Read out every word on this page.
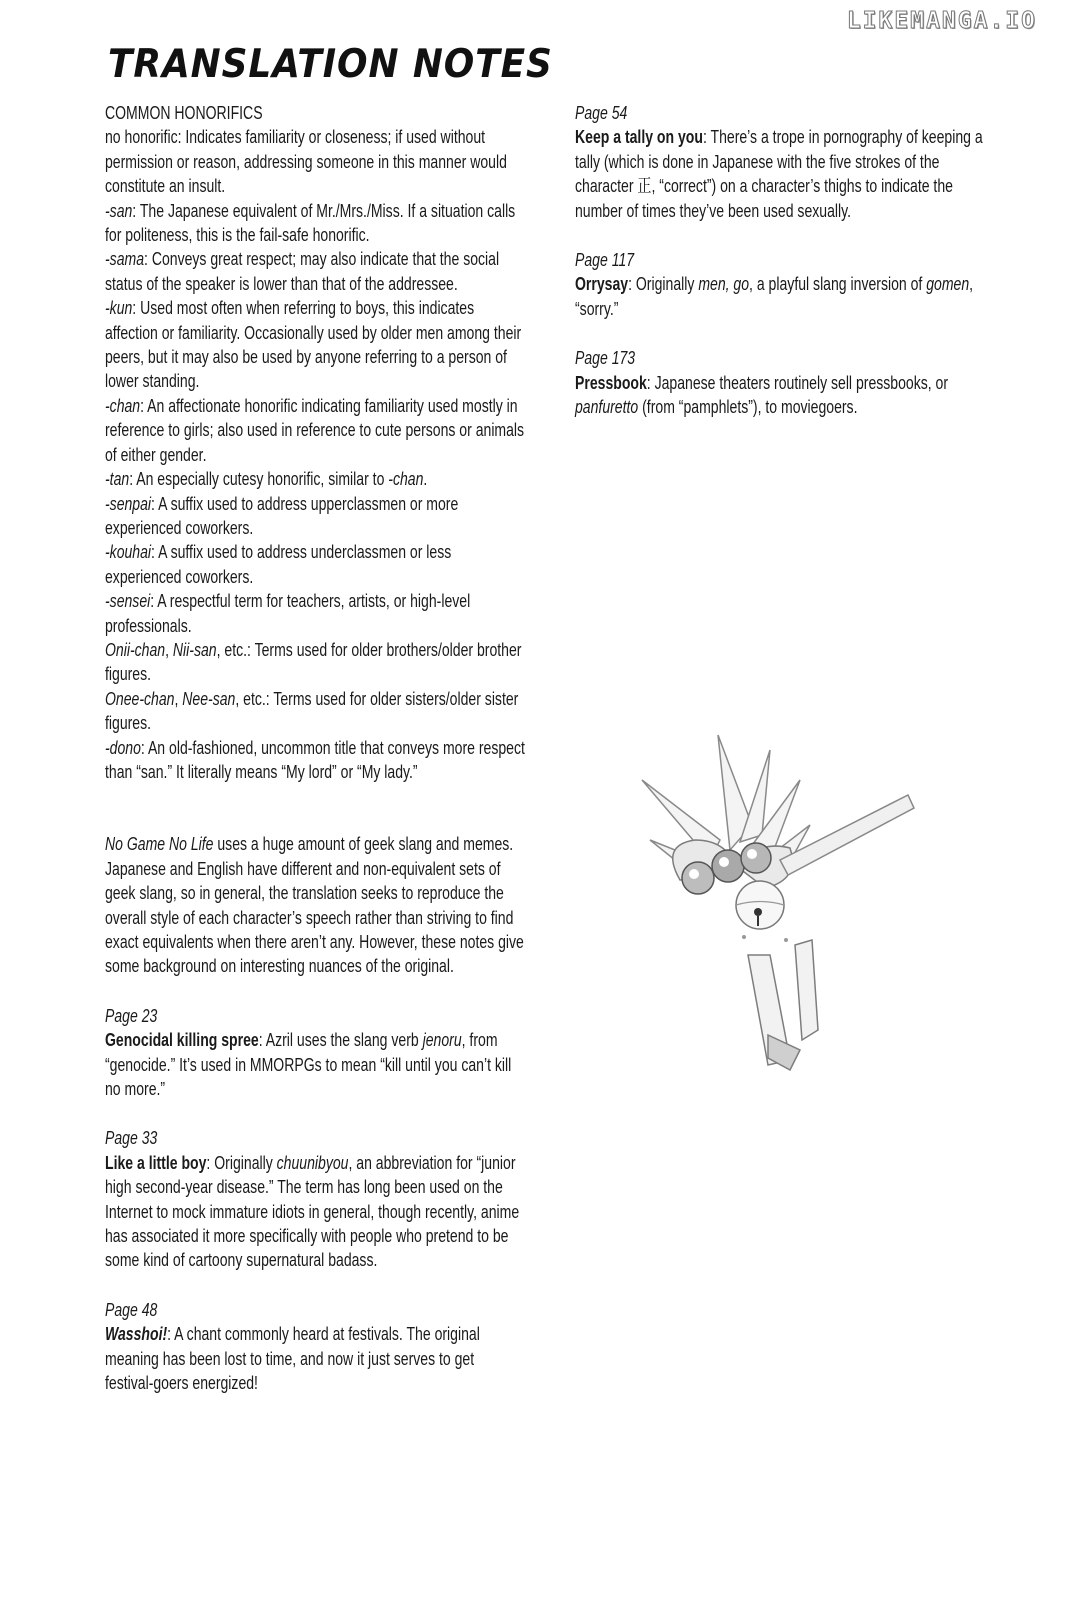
LIKEMANGA.IO
TRANSLATION NOTES

COMMON HONORIFICS

no honorific: Indicates familiarity or closeness; if used without permission or reason, addressing someone in this manner would constitute an insult.

-san: The Japanese equivalent of Mr./Mrs./Miss. If a situation calls for politeness, this is the fail-safe honorific.

-sama: Conveys great respect; may also indicate that the social status of the speaker is lower than that of the addressee.

-kun: Used most often when referring to boys, this indicates affection or familiarity. Occasionally used by older men among their peers, but it may also be used by anyone referring to a person of lower standing.

-chan: An affectionate honorific indicating familiarity used mostly in reference to girls; also used in reference to cute persons or animals of either gender.

-tan: An especially cutesy honorific, similar to -chan.

-senpai: A suffix used to address upperclassmen or more experienced coworkers.

-kouhai: A suffix used to address underclassmen or less experienced coworkers.

-sensei: A respectful term for teachers, artists, or high-level professionals.

Onii-chan, Nii-san, etc.: Terms used for older brothers/older brother figures.

Onee-chan, Nee-san, etc.: Terms used for older sisters/older sister figures.

-dono: An old-fashioned, uncommon title that conveys more respect than “san.” It literally means “My lord” or “My lady.”

No Game No Life uses a huge amount of geek slang and memes. Japanese and English have different and non-equivalent sets of geek slang, so in general, the translation seeks to reproduce the overall style of each character’s speech rather than striving to find exact equivalents when there aren’t any. However, these notes give some background on interesting nuances of the original.

Page 23

Genocidal killing spree: Azril uses the slang verb jenoru, from “genocide.” It’s used in MMORPGs to mean “kill until you can’t kill no more.”

Page 33

Like a little boy: Originally chuunibyou, an abbreviation for “junior high second-year disease.” The term has long been used on the Internet to mock immature idiots in general, though recently, anime has associated it more specifically with people who pretend to be some kind of cartoony supernatural badass.

Page 48

Wasshoi!: A chant commonly heard at festivals. The original meaning has been lost to time, and now it just serves to get festival-goers energized!

Page 54

Keep a tally on you: There’s a trope in pornography of keeping a tally (which is done in Japanese with the five strokes of the character 正, “correct”) on a character’s thighs to indicate the number of times they’ve been used sexually.

Page 117

Orrysay: Originally men, go, a playful slang inversion of gomen, “sorry.”

Page 173

Pressbook: Japanese theaters routinely sell pressbooks, or panfuretto (from “pamphlets”), to moviegoers.
